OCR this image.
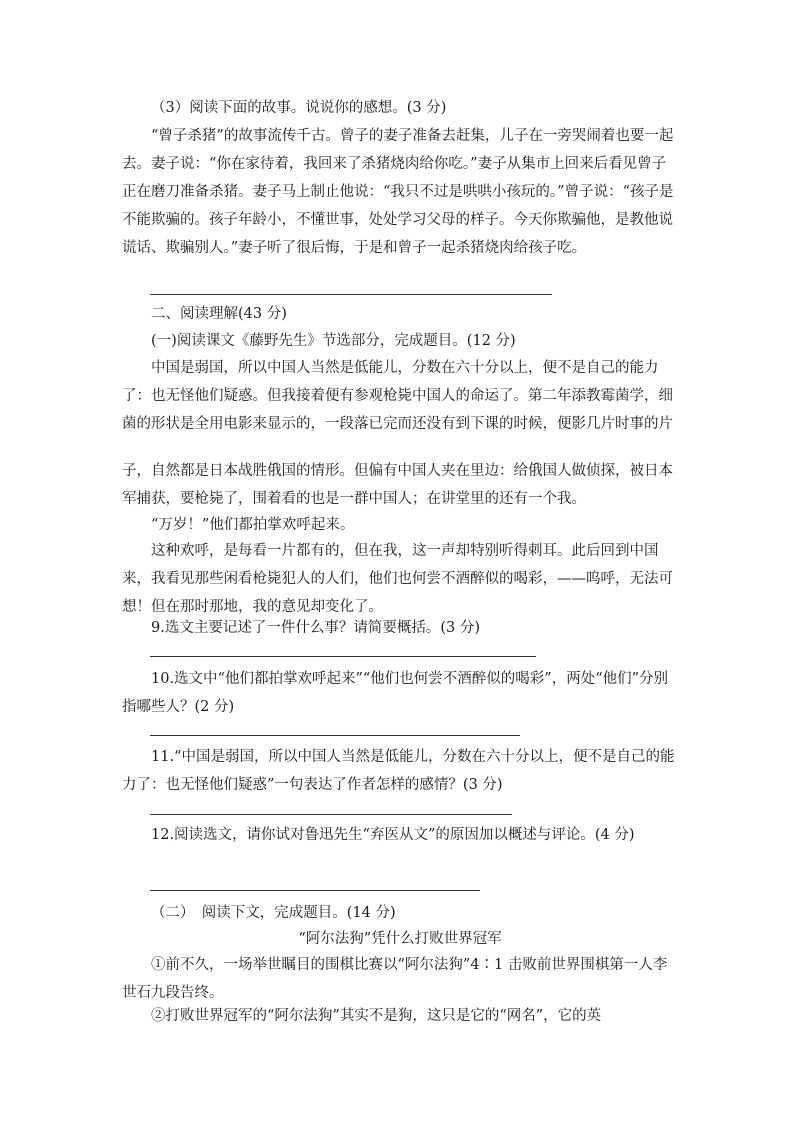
（3）阅读下面的故事。说说你的感想。(3 分)

“曾子杀猪”的故事流传千古。曾子的妻子准备去赶集，儿子在一旁哭闹着也要一起去。妻子说：“你在家待着，我回来了杀猪烧肉给你吃。”妻子从集市上回来后看见曾子正在磨刀准备杀猪。妻子马上制止他说：“我只不过是哄哄小孩玩的。”曾子说：“孩子是不能欺骗的。孩子年龄小，不懂世事，处处学习父母的样子。今天你欺骗他，是教他说谎话、欺骗别人。”妻子听了很后悔，于是和曾子一起杀猪烧肉给孩子吃。

二、阅读理解(43 分)

(一)阅读课文《藤野先生》节选部分，完成题目。(12 分)

中国是弱国，所以中国人当然是低能儿，分数在六十分以上，便不是自己的能力了：也无怪他们疑惑。但我接着便有参观枪毙中国人的命运了。第二年添教霉菌学，细菌的形状是全用电影来显示的，一段落已完而还没有到下课的时候，便影几片时事的片

子，自然都是日本战胜俄国的情形。但偏有中国人夹在里边：给俄国人做侦探，被日本军捕获，要枪毙了，围着看的也是一群中国人；在讲堂里的还有一个我。

“万岁！”他们都拍掌欢呼起来。

这种欢呼，是每看一片都有的，但在我，这一声却特别听得刺耳。此后回到中国来，我看见那些闲看枪毙犯人的人们，他们也何尝不酒醉似的喝彩，——呜呼，无法可想！但在那时那地，我的意见却变化了。

9.选文主要记述了一件什么事？请简要概括。(3 分)

10.选文中“他们都拍掌欢呼起来”“他们也何尝不酒醉似的喝彩”，两处“他们”分别指哪些人？(2 分)

11.“中国是弱国，所以中国人当然是低能儿，分数在六十分以上，便不是自己的能力了：也无怪他们疑惑”一句表达了作者怎样的感情？(3 分)

12.阅读选文，请你试对鲁迅先生“弃医从文”的原因加以概述与评论。(4 分)

（二）　阅读下文，完成题目。(14 分)

“阿尔法狗”凭什么打败世界冠军

①前不久，一场举世瞩目的围棋比赛以“阿尔法狗”4∶1 击败前世界围棋第一人李世石九段告终。

②打败世界冠军的“阿尔法狗”其实不是狗，这只是它的“网名”，它的英
